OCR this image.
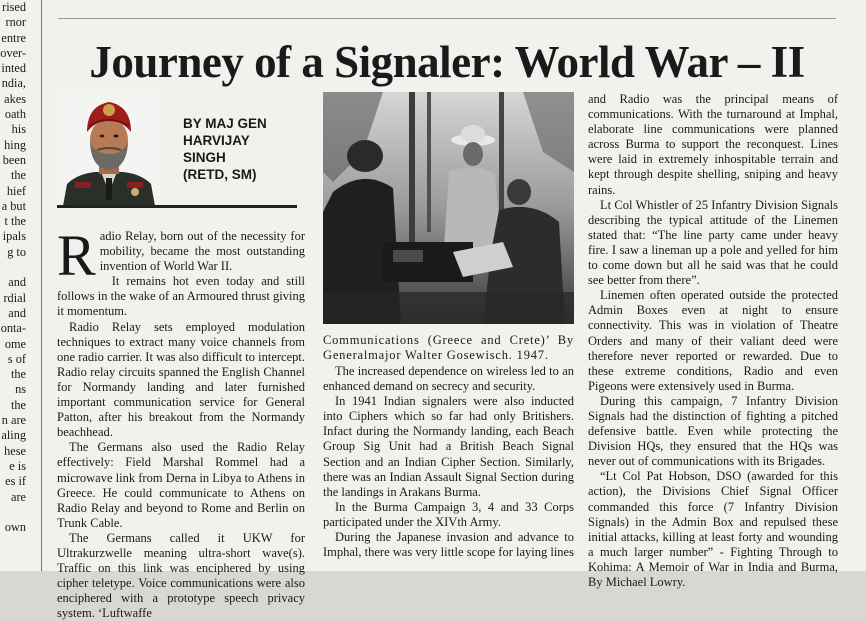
rised
rnor
entre
over-
inted
ndia,
akes
oath
his
hing
been
the
hief
a but
t the
ipals
g to

and
rdial
and
onta-
ome
s of
the
ns
the
n are
aling
hese
e is
es if
are

own
Journey of a Signaler: World War – II
BY MAJ GEN
HARVIJAY
SINGH
(RETD, SM)

Radio Relay, born out of the necessity for mobility, became the most outstanding invention of World War II.

It remains hot even today and still follows in the wake of an Armoured thrust giving it momentum.

Radio Relay sets employed modulation techniques to extract many voice channels from one radio carrier. It was also difficult to intercept. Radio relay circuits spanned the English Channel for Normandy landing and later furnished important communication service for General Patton, after his breakout from the Normandy beachhead.

The Germans also used the Radio Relay effectively: Field Marshal Rommel had a microwave link from Derna in Libya to Athens in Greece. He could communicate to Athens on Radio Relay and beyond to Rome and Berlin on Trunk Cable.

The Germans called it UKW for Ultrakurzwelle meaning ultra-short wave(s). Traffic on this link was enciphered by using cipher teletype. Voice communications were also enciphered with a prototype speech privacy system. ‘Luftwaffe

Communications (Greece and Crete)’ By Generalmajor Walter Gosewisch. 1947.

The increased dependence on wireless led to an enhanced demand on secrecy and security.

In 1941 Indian signalers were also inducted into Ciphers which so far had only Britishers. Infact during the Normandy landing, each Beach Group Sig Unit had a British Beach Signal Section and an Indian Cipher Section. Similarly, there was an Indian Assault Signal Section during the landings in Arakans Burma.

In the Burma Campaign 3, 4 and 33 Corps participated under the XIVth Army.

During the Japanese invasion and advance to Imphal, there was very little scope for laying lines

and Radio was the principal means of communications. With the turnaround at Imphal, elaborate line communications were planned across Burma to support the reconquest. Lines were laid in extremely inhospitable terrain and kept through despite shelling, sniping and heavy rains.

Lt Col Whistler of 25 Infantry Division Signals describing the typical attitude of the Linemen stated that: “The line party came under heavy fire. I saw a lineman up a pole and yelled for him to come down but all he said was that he could see better from there”.

Linemen often operated outside the protected Admin Boxes even at night to ensure connectivity. This was in violation of Theatre Orders and many of their valiant deed were therefore never reported or rewarded. Due to these extreme conditions, Radio and even Pigeons were extensively used in Burma.

During this campaign, 7 Infantry Division Signals had the distinction of fighting a pitched defensive battle. Even while protecting the Division HQs, they ensured that the HQs was never out of communications with its Brigades.

“Lt Col Pat Hobson, DSO (awarded for this action), the Divisions Chief Signal Officer commanded this force (7 Infantry Division Signals) in the Admin Box and repulsed these initial attacks, killing at least forty and wounding a much larger number” - Fighting Through to Kohima: A Memoir of War in India and Burma, By Michael Lowry.
